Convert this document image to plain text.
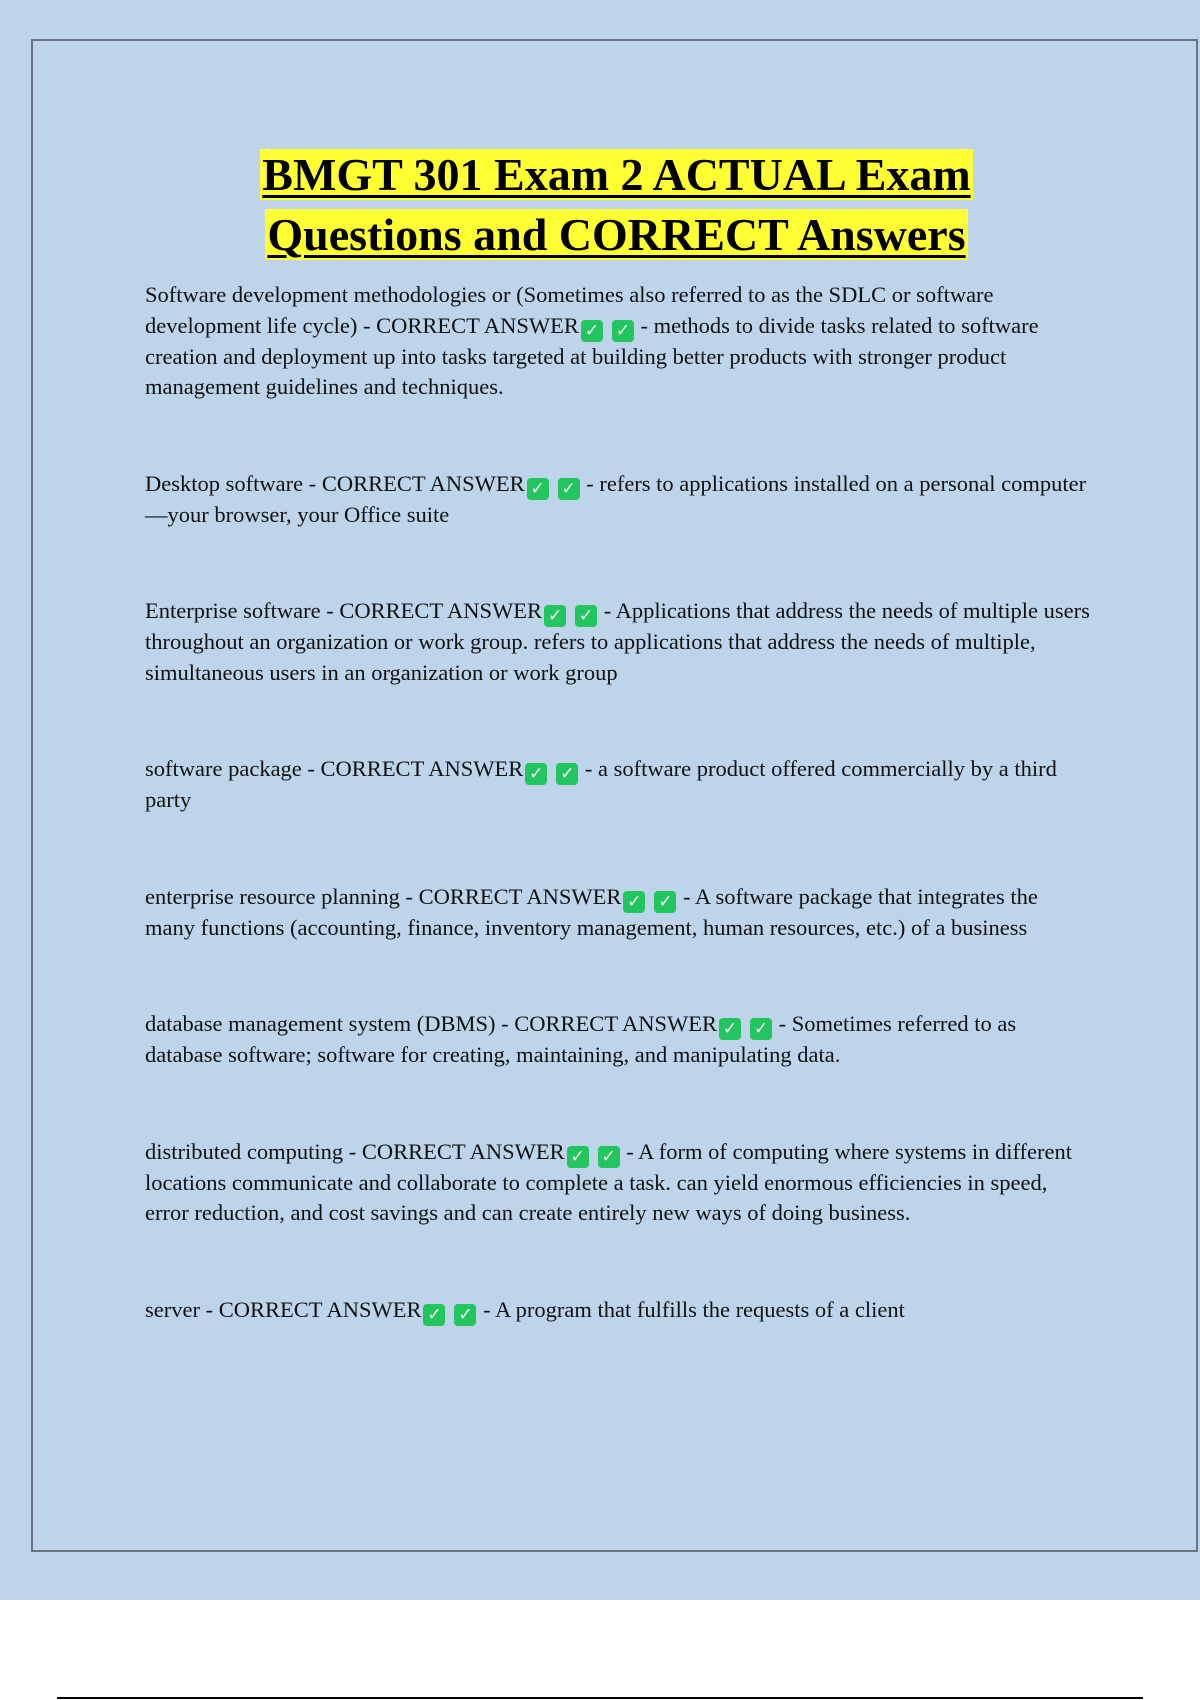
BMGT 301 Exam 2 ACTUAL Exam
Questions and CORRECT Answers

Software development methodologies or (Sometimes also referred to as the SDLC or software development life cycle) - CORRECT ANSWER ✓ ✓ - methods to divide tasks related to software creation and deployment up into tasks targeted at building better products with stronger product management guidelines and techniques.

Desktop software - CORRECT ANSWER ✓ ✓ - refers to applications installed on a personal computer—your browser, your Office suite

Enterprise software - CORRECT ANSWER ✓ ✓ - Applications that address the needs of multiple users throughout an organization or work group. refers to applications that address the needs of multiple, simultaneous users in an organization or work group

software package - CORRECT ANSWER ✓ ✓ - a software product offered commercially by a third party

enterprise resource planning - CORRECT ANSWER ✓ ✓ - A software package that integrates the many functions (accounting, finance, inventory management, human resources, etc.) of a business

database management system (DBMS) - CORRECT ANSWER ✓ ✓ - Sometimes referred to as database software; software for creating, maintaining, and manipulating data.

distributed computing - CORRECT ANSWER ✓ ✓ - A form of computing where systems in different locations communicate and collaborate to complete a task. can yield enormous efficiencies in speed, error reduction, and cost savings and can create entirely new ways of doing business.

server - CORRECT ANSWER ✓ ✓ - A program that fulfills the requests of a client
